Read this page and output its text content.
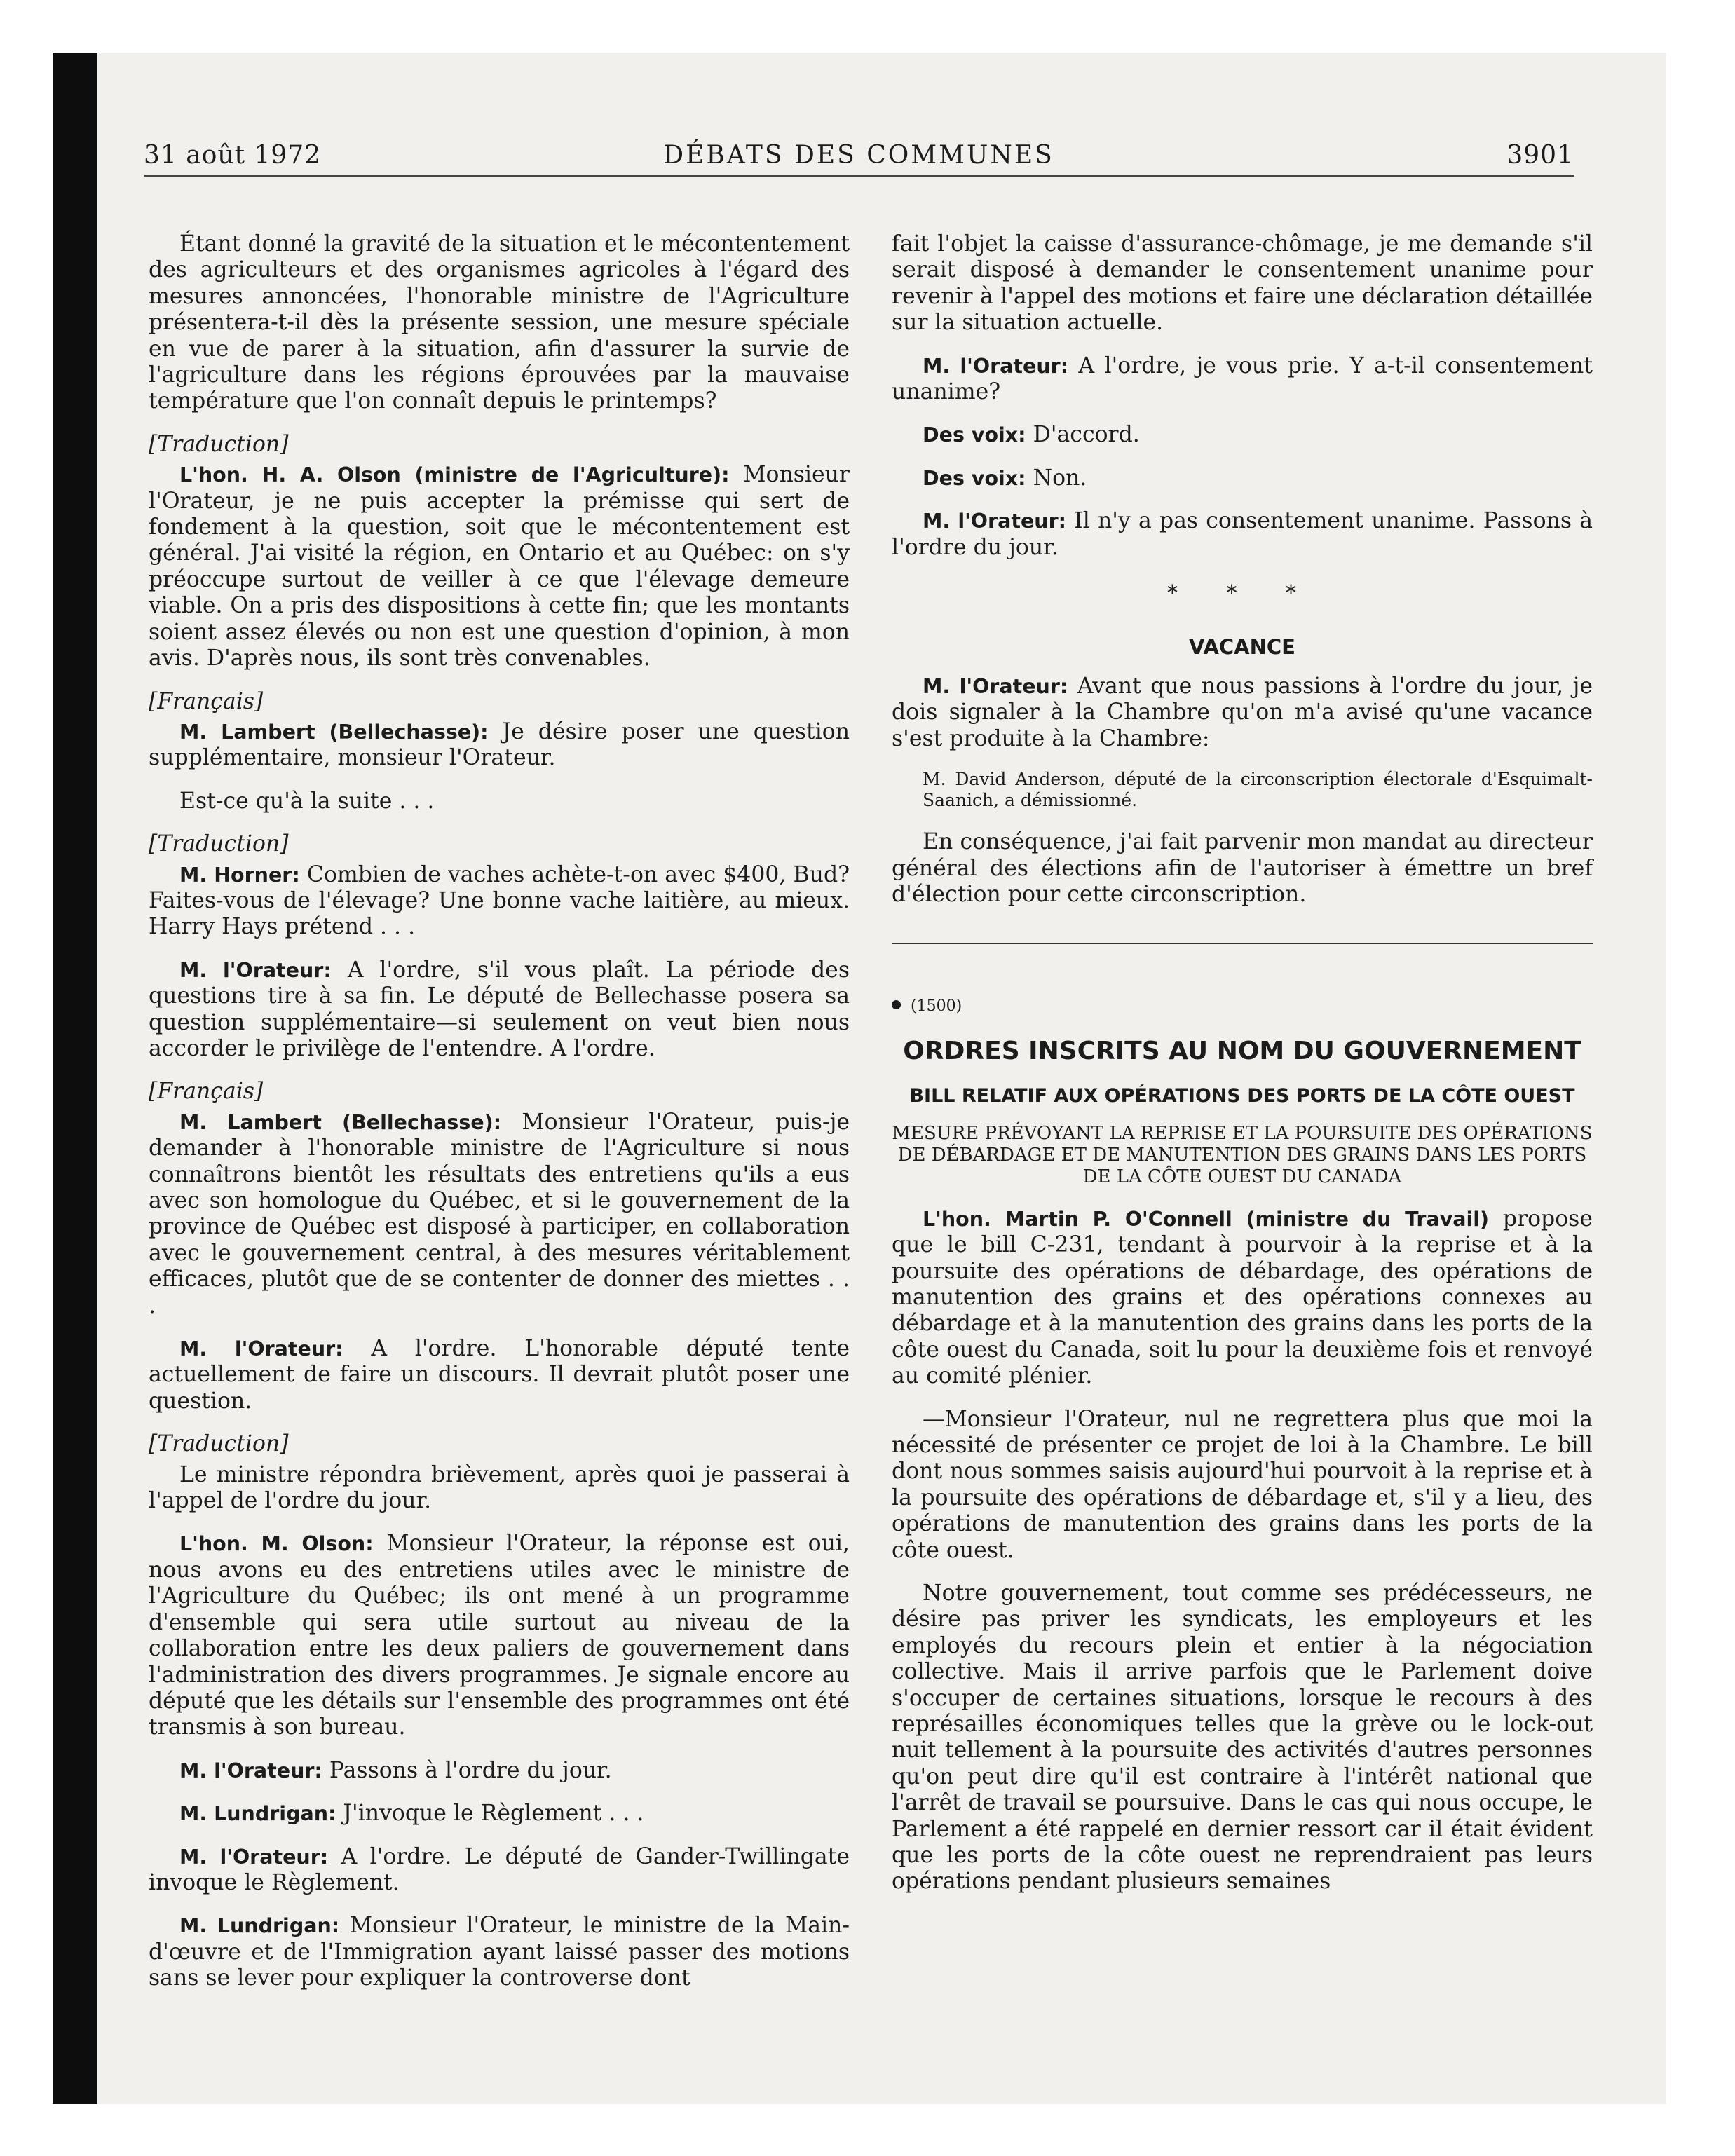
31 août 1972	DÉBATS DES COMMUNES	3901

Étant donné la gravité de la situation et le mécontentement des agriculteurs et des organismes agricoles à l'égard des mesures annoncées, l'honorable ministre de l'Agriculture présentera-t-il dès la présente session, une mesure spéciale en vue de parer à la situation, afin d'assurer la survie de l'agriculture dans les régions éprouvées par la mauvaise température que l'on connaît depuis le printemps?

[Traduction]

L'hon. H. A. Olson (ministre de l'Agriculture): Monsieur l'Orateur, je ne puis accepter la prémisse qui sert de fondement à la question, soit que le mécontentement est général. J'ai visité la région, en Ontario et au Québec: on s'y préoccupe surtout de veiller à ce que l'élevage demeure viable. On a pris des dispositions à cette fin; que les montants soient assez élevés ou non est une question d'opinion, à mon avis. D'après nous, ils sont très convenables.

[Français]

M. Lambert (Bellechasse): Je désire poser une question supplémentaire, monsieur l'Orateur.

Est-ce qu'à la suite . . .

[Traduction]

M. Horner: Combien de vaches achète-t-on avec $400, Bud? Faites-vous de l'élevage? Une bonne vache laitière, au mieux. Harry Hays prétend . . .

M. l'Orateur: A l'ordre, s'il vous plaît. La période des questions tire à sa fin. Le député de Bellechasse posera sa question supplémentaire—si seulement on veut bien nous accorder le privilège de l'entendre. A l'ordre.

[Français]

M. Lambert (Bellechasse): Monsieur l'Orateur, puis-je demander à l'honorable ministre de l'Agriculture si nous connaîtrons bientôt les résultats des entretiens qu'ils a eus avec son homologue du Québec, et si le gouvernement de la province de Québec est disposé à participer, en collaboration avec le gouvernement central, à des mesures véritablement efficaces, plutôt que de se contenter de donner des miettes . . .

M. l'Orateur: A l'ordre. L'honorable député tente actuellement de faire un discours. Il devrait plutôt poser une question.

[Traduction]

Le ministre répondra brièvement, après quoi je passerai à l'appel de l'ordre du jour.

L'hon. M. Olson: Monsieur l'Orateur, la réponse est oui, nous avons eu des entretiens utiles avec le ministre de l'Agriculture du Québec; ils ont mené à un programme d'ensemble qui sera utile surtout au niveau de la collaboration entre les deux paliers de gouvernement dans l'administration des divers programmes. Je signale encore au député que les détails sur l'ensemble des programmes ont été transmis à son bureau.

M. l'Orateur: Passons à l'ordre du jour.

M. Lundrigan: J'invoque le Règlement . . .

M. l'Orateur: A l'ordre. Le député de Gander-Twillingate invoque le Règlement.

M. Lundrigan: Monsieur l'Orateur, le ministre de la Main-d'œuvre et de l'Immigration ayant laissé passer des motions sans se lever pour expliquer la controverse dont

fait l'objet la caisse d'assurance-chômage, je me demande s'il serait disposé à demander le consentement unanime pour revenir à l'appel des motions et faire une déclaration détaillée sur la situation actuelle.

M. l'Orateur: A l'ordre, je vous prie. Y a-t-il consentement unanime?

Des voix: D'accord.

Des voix: Non.

M. l'Orateur: Il n'y a pas consentement unanime. Passons à l'ordre du jour.

* * *
VACANCE

M. l'Orateur: Avant que nous passions à l'ordre du jour, je dois signaler à la Chambre qu'on m'a avisé qu'une vacance s'est produite à la Chambre:

M. David Anderson, député de la circonscription électorale d'Esquimalt-Saanich, a démissionné.

En conséquence, j'ai fait parvenir mon mandat au directeur général des élections afin de l'autoriser à émettre un bref d'élection pour cette circonscription.

(1500)
ORDRES INSCRITS AU NOM DU GOUVERNEMENT
BILL RELATIF AUX OPÉRATIONS DES PORTS DE LA CÔTE OUEST
MESURE PRÉVOYANT LA REPRISE ET LA POURSUITE DES OPÉRATIONS DE DÉBARDAGE ET DE MANUTENTION DES GRAINS DANS LES PORTS DE LA CÔTE OUEST DU CANADA

L'hon. Martin P. O'Connell (ministre du Travail) propose que le bill C-231, tendant à pourvoir à la reprise et à la poursuite des opérations de débardage, des opérations de manutention des grains et des opérations connexes au débardage et à la manutention des grains dans les ports de la côte ouest du Canada, soit lu pour la deuxième fois et renvoyé au comité plénier.

—Monsieur l'Orateur, nul ne regrettera plus que moi la nécessité de présenter ce projet de loi à la Chambre. Le bill dont nous sommes saisis aujourd'hui pourvoit à la reprise et à la poursuite des opérations de débardage et, s'il y a lieu, des opérations de manutention des grains dans les ports de la côte ouest.

Notre gouvernement, tout comme ses prédécesseurs, ne désire pas priver les syndicats, les employeurs et les employés du recours plein et entier à la négociation collective. Mais il arrive parfois que le Parlement doive s'occuper de certaines situations, lorsque le recours à des représailles économiques telles que la grève ou le lock-out nuit tellement à la poursuite des activités d'autres personnes qu'on peut dire qu'il est contraire à l'intérêt national que l'arrêt de travail se poursuive. Dans le cas qui nous occupe, le Parlement a été rappelé en dernier ressort car il était évident que les ports de la côte ouest ne reprendraient pas leurs opérations pendant plusieurs semaines
